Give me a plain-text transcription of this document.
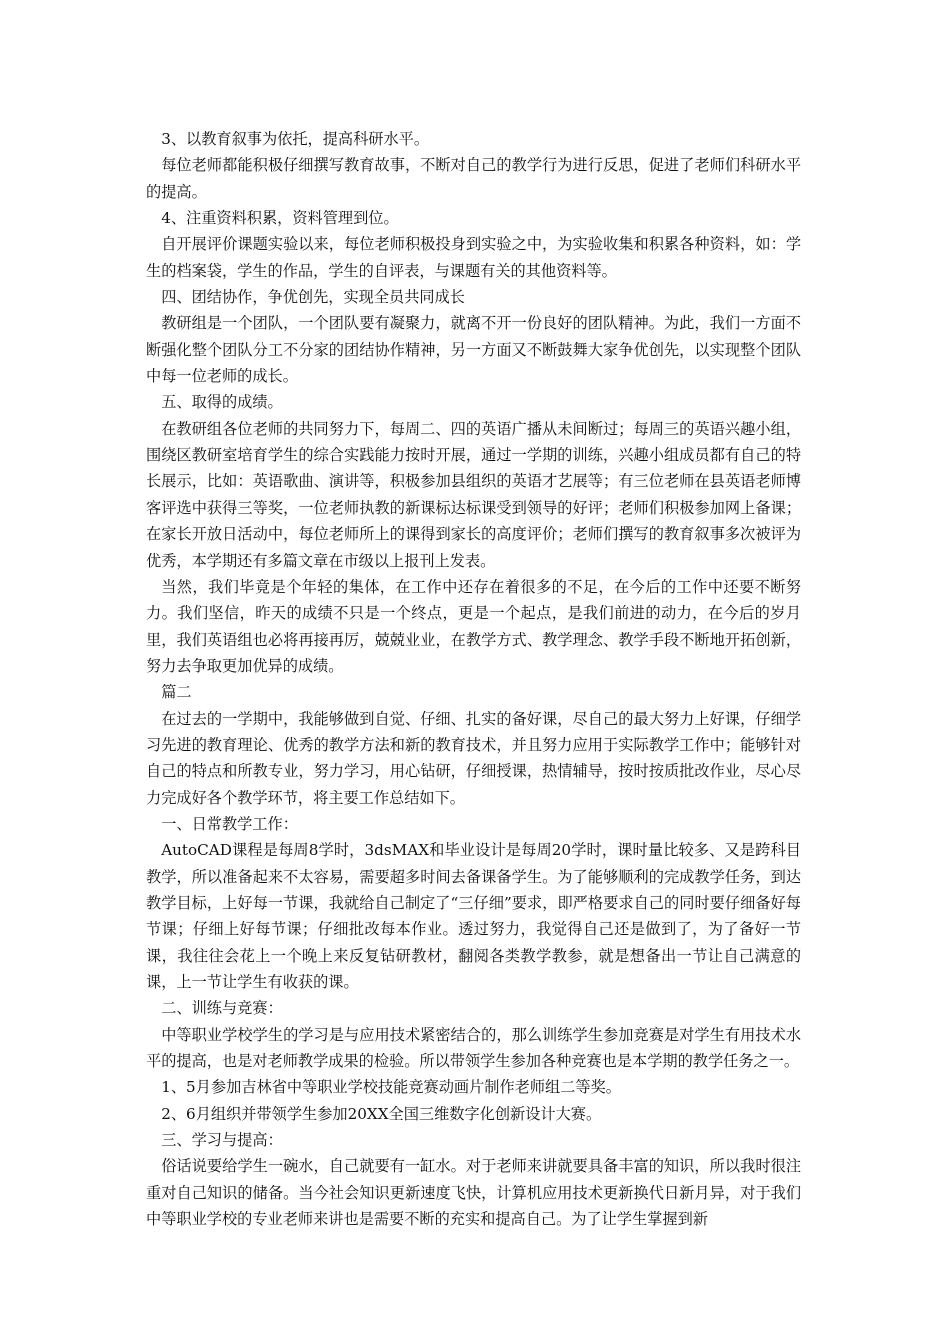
3、以教育叙事为依托，提高科研水平。

每位老师都能积极仔细撰写教育故事，不断对自己的教学行为进行反思，促进了老师们科研水平的提高。

4、注重资料积累，资料管理到位。

自开展评价课题实验以来，每位老师积极投身到实验之中，为实验收集和积累各种资料，如：学生的档案袋，学生的作品，学生的自评表，与课题有关的其他资料等。

四、团结协作，争优创先，实现全员共同成长

教研组是一个团队，一个团队要有凝聚力，就离不开一份良好的团队精神。为此，我们一方面不断强化整个团队分工不分家的团结协作精神，另一方面又不断鼓舞大家争优创先，以实现整个团队中每一位老师的成长。

五、取得的成绩。

在教研组各位老师的共同努力下，每周二、四的英语广播从未间断过；每周三的英语兴趣小组，围绕区教研室培育学生的综合实践能力按时开展，通过一学期的训练，兴趣小组成员都有自己的特长展示，比如：英语歌曲、演讲等，积极参加县组织的英语才艺展等；有三位老师在县英语老师博客评选中获得三等奖，一位老师执教的新课标达标课受到领导的好评；老师们积极参加网上备课；在家长开放日活动中，每位老师所上的课得到家长的高度评价；老师们撰写的教育叙事多次被评为优秀，本学期还有多篇文章在市级以上报刊上发表。

当然，我们毕竟是个年轻的集体，在工作中还存在着很多的不足，在今后的工作中还要不断努力。我们坚信，昨天的成绩不只是一个终点，更是一个起点，是我们前进的动力，在今后的岁月里，我们英语组也必将再接再厉，兢兢业业，在教学方式、教学理念、教学手段不断地开拓创新，努力去争取更加优异的成绩。

篇二

在过去的一学期中，我能够做到自觉、仔细、扎实的备好课，尽自己的最大努力上好课，仔细学习先进的教育理论、优秀的教学方法和新的教育技术，并且努力应用于实际教学工作中；能够针对自己的特点和所教专业，努力学习，用心钻研，仔细授课，热情辅导，按时按质批改作业，尽心尽力完成好各个教学环节，将主要工作总结如下。

一、日常教学工作：

AutoCAD课程是每周8学时，3dsMAX和毕业设计是每周20学时，课时量比较多、又是跨科目教学，所以准备起来不太容易，需要超多时间去备课备学生。为了能够顺利的完成教学任务，到达教学目标，上好每一节课，我就给自己制定了“三仔细”要求，即严格要求自己的同时要仔细备好每节课；仔细上好每节课；仔细批改每本作业。透过努力，我觉得自己还是做到了，为了备好一节课，我往往会花上一个晚上来反复钻研教材，翻阅各类教学教参，就是想备出一节让自己满意的课，上一节让学生有收获的课。

二、训练与竞赛：

中等职业学校学生的学习是与应用技术紧密结合的，那么训练学生参加竞赛是对学生有用技术水平的提高，也是对老师教学成果的检验。所以带领学生参加各种竞赛也是本学期的教学任务之一。

1、5月参加吉林省中等职业学校技能竞赛动画片制作老师组二等奖。

2、6月组织并带领学生参加20XX全国三维数字化创新设计大赛。

三、学习与提高：

俗话说要给学生一碗水，自己就要有一缸水。对于老师来讲就要具备丰富的知识，所以我时很注重对自己知识的储备。当今社会知识更新速度飞快，计算机应用技术更新换代日新月异，对于我们中等职业学校的专业老师来讲也是需要不断的充实和提高自己。为了让学生掌握到新
